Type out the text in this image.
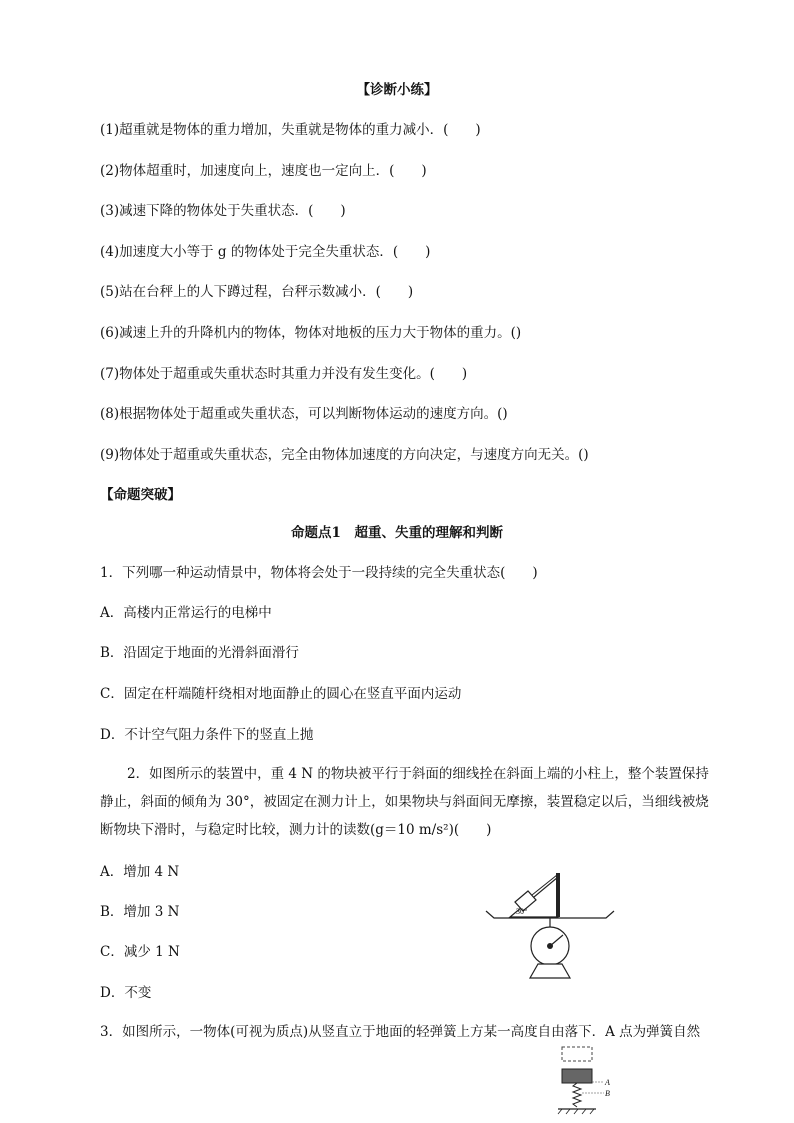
【诊断小练】
(1)超重就是物体的重力增加，失重就是物体的重力减小．(　　)
(2)物体超重时，加速度向上，速度也一定向上．(　　)
(3)减速下降的物体处于失重状态．(　　)
(4)加速度大小等于 g 的物体处于完全失重状态．(　　)
(5)站在台秤上的人下蹲过程，台秤示数减小．(　　)
(6)减速上升的升降机内的物体，物体对地板的压力大于物体的重力。()
(7)物体处于超重或失重状态时其重力并没有发生变化。(　　)
(8)根据物体处于超重或失重状态，可以判断物体运动的速度方向。()
(9)物体处于超重或失重状态，完全由物体加速度的方向决定，与速度方向无关。()
【命题突破】
命题点1　超重、失重的理解和判断
1．下列哪一种运动情景中，物体将会处于一段持续的完全失重状态(　　)
A．高楼内正常运行的电梯中
B．沿固定于地面的光滑斜面滑行
C．固定在杆端随杆绕相对地面静止的圆心在竖直平面内运动
D．不计空气阻力条件下的竖直上抛
2．如图所示的装置中，重 4 N 的物块被平行于斜面的细线拴在斜面上端的小柱上，整个装置保持静止，斜面的倾角为 30°，被固定在测力计上，如果物块与斜面间无摩擦，装置稳定以后，当细线被烧断物块下滑时，与稳定时比较，测力计的读数(g＝10 m/s²)(　　)
A．增加 4 N
B．增加 3 N
C．减少 1 N
D．不变
30°
3．如图所示，一物体(可视为质点)从竖直立于地面的轻弹簧上方某一高度自由落下．A 点为弹簧自然
A
B
